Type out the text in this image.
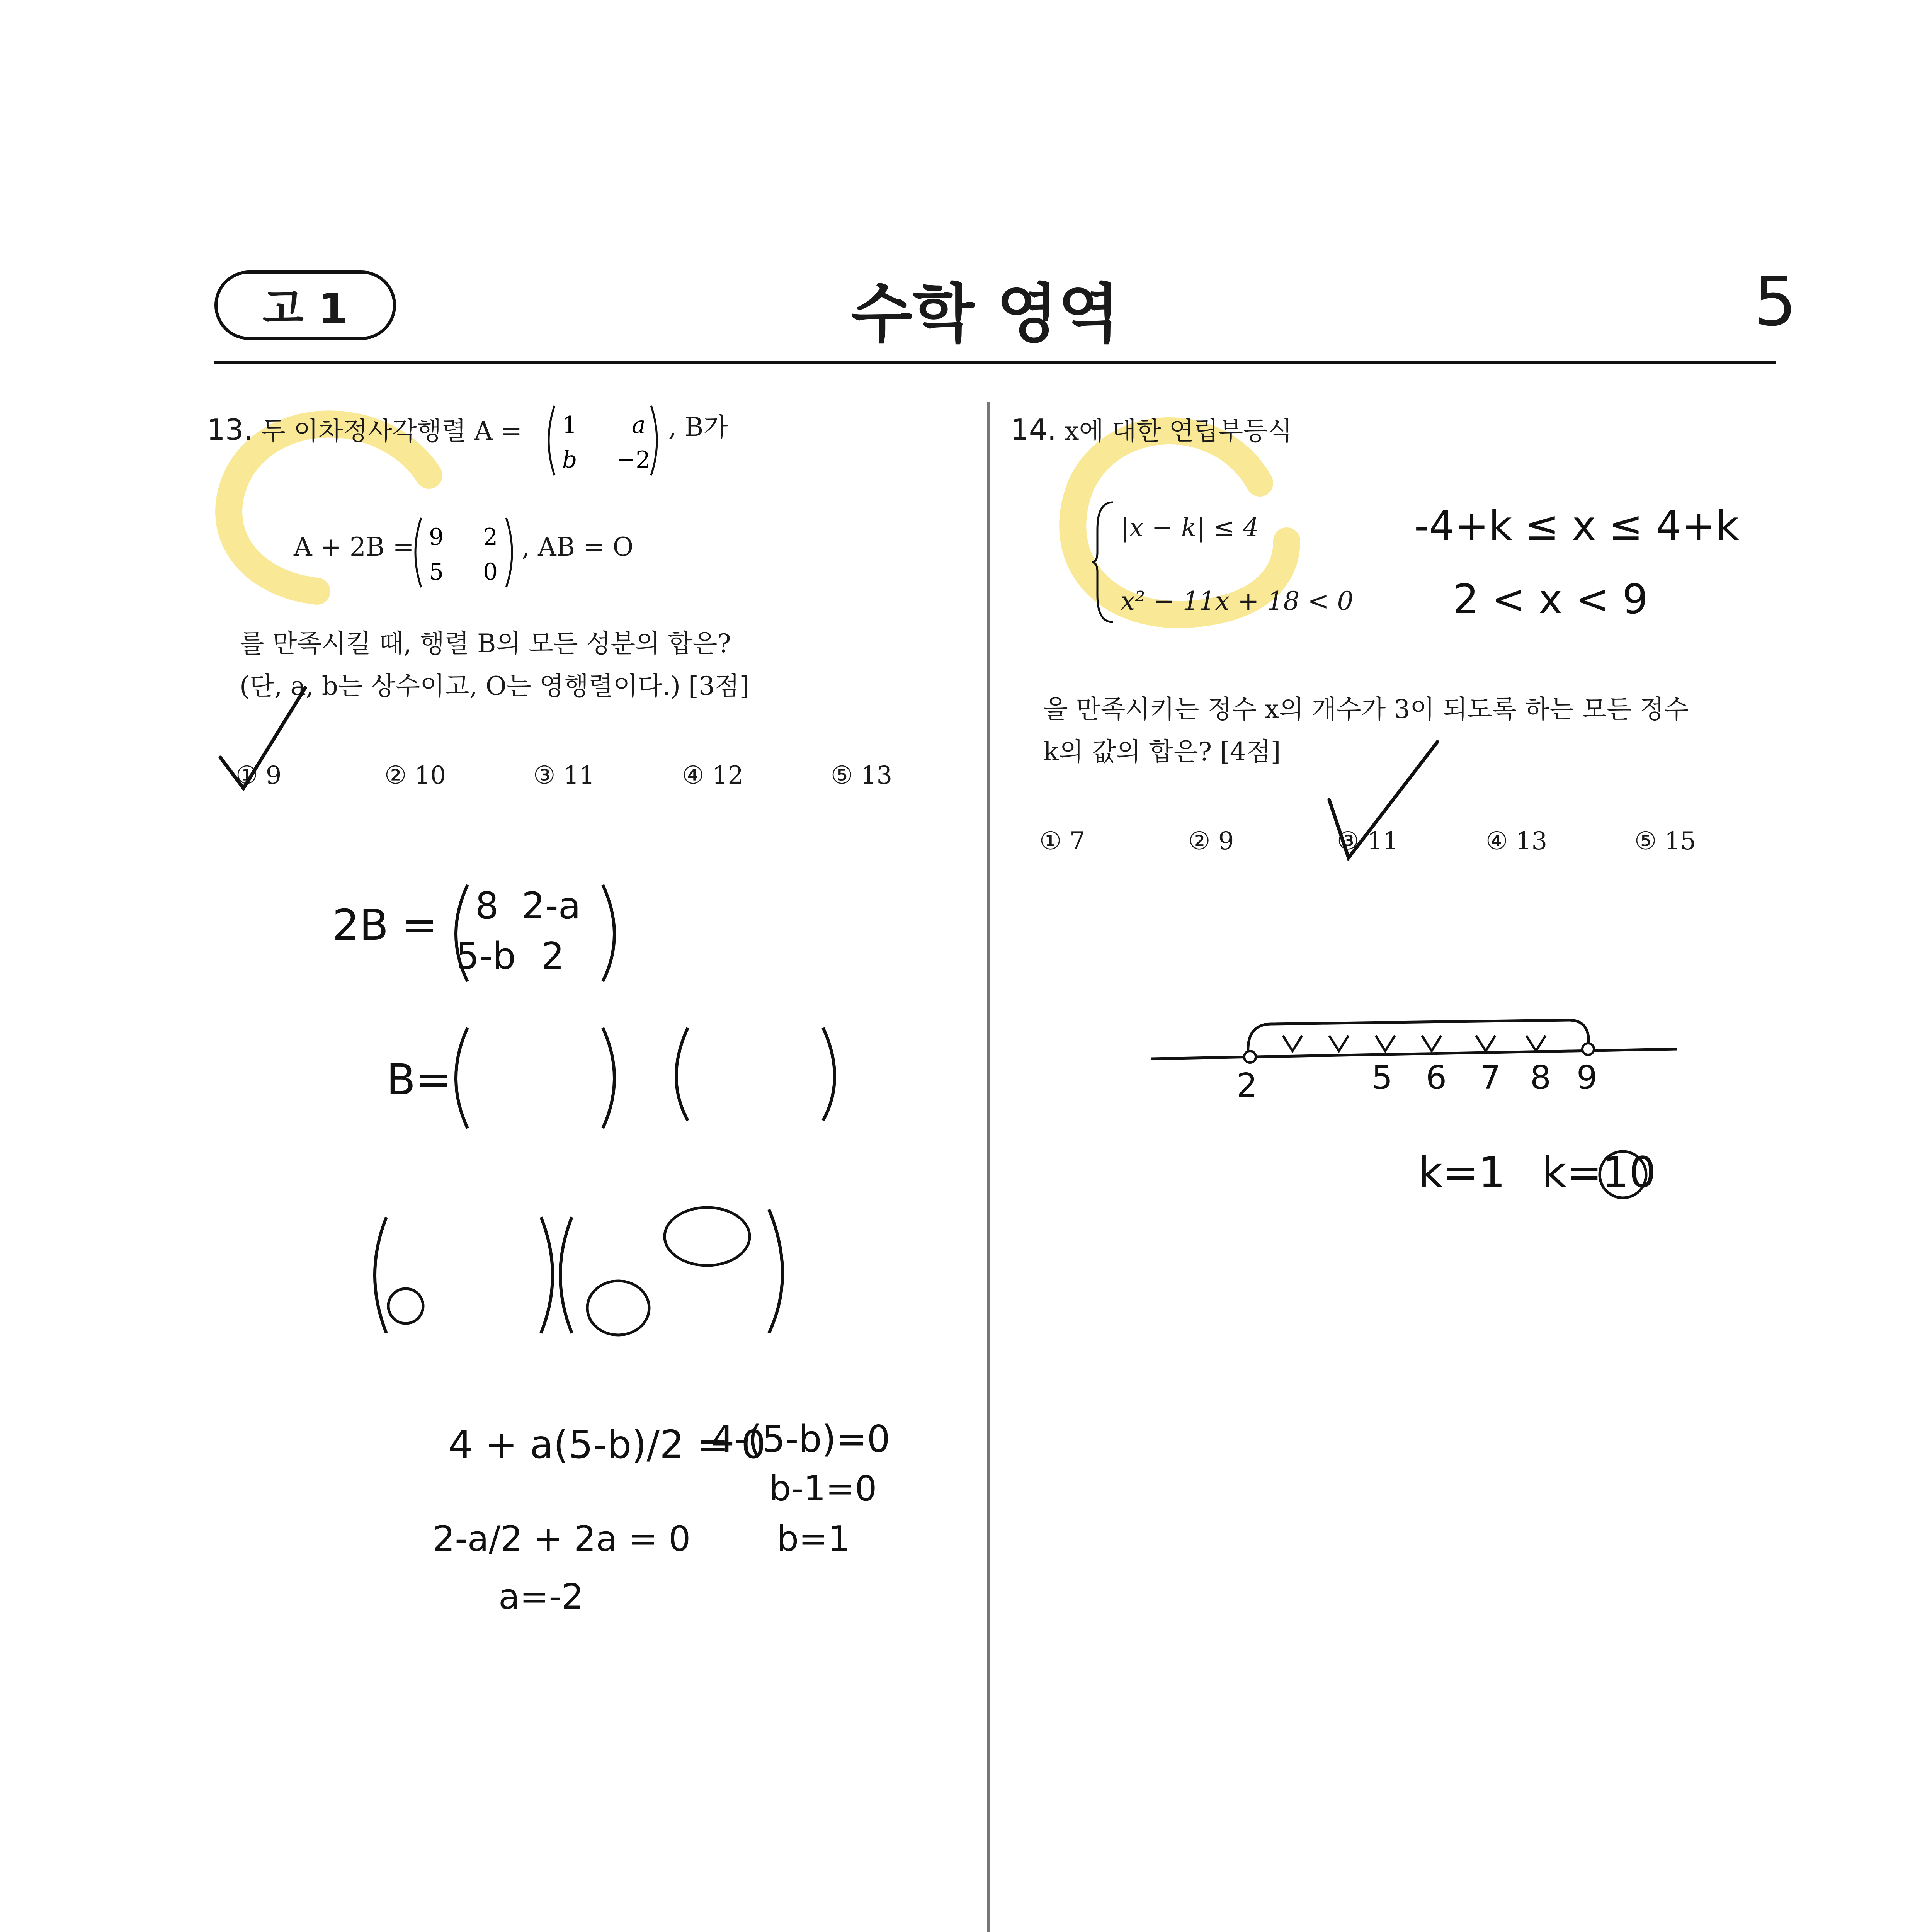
고 1	수학 영역	5
13. 두 이차정사각행렬 A = 1 a
b −2
, B가
A + 2B = 9 2
5 0
, AB = O
를 만족시킬 때, 행렬 B의 모든 성분의 합은?
(단, a, b는 상수이고, O는 영행렬이다.) [3점]
① 9	② 10	③ 11	④ 12	⑤ 13
14. x에 대한 연립부등식
|x − k| ≤ 4
x² − 11x + 18 < 0
을 만족시키는 정수 x의 개수가 3이 되도록 하는 모든 정수
k의 값의 합은? [4점]
① 7	② 9	③ 11	④ 13	⑤ 15
2B = 8 2-a
5-b 2
B=
4 + a(5-b)/2 = 0
2-a/2 + 2a = 0
a=-2
4-(5-b)=0
b-1=0
b=1
-4+k ≤ x ≤ 4+k
2 < x < 9
2	5 6 7 8 9
k=1 k=10
